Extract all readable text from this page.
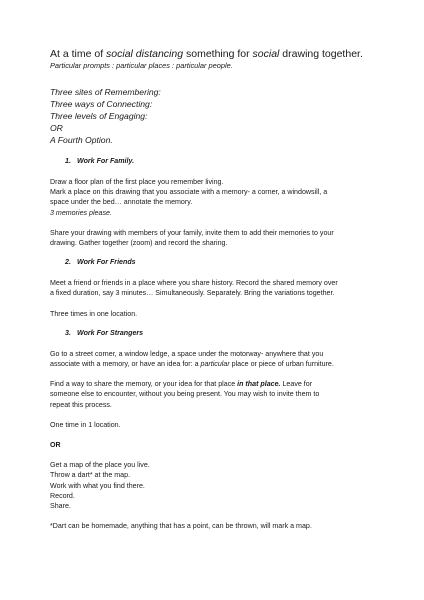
At a time of social distancing something for social drawing together.

Particular prompts : particular places : particular people.

Three sites of Remembering:

Three ways of Connecting:

Three levels of Engaging:

OR

A Fourth Option.

1. Work For Family.

Draw a floor plan of the first place you remember living.

Mark a place on this drawing that you associate with a memory- a corner, a windowsill, a

space under the bed… annotate the memory.

3 memories please.

Share your drawing with members of your family, invite them to add their memories to your

drawing. Gather together (zoom) and record the sharing.

2. Work For Friends

Meet a friend or friends in a place where you share history. Record the shared memory over

a fixed duration, say 3 minutes… Simultaneously. Separately. Bring the variations together.

Three times in one location.

3. Work For Strangers

Go to a street corner, a window ledge, a space under the motorway- anywhere that you

associate with a memory, or have an idea for: a particular place or piece of urban furniture.

Find a way to share the memory, or your idea for that place in that place. Leave for

someone else to encounter, without you being present. You may wish to invite them to

repeat this process.

One time in 1 location.

OR

Get a map of the place you live.

Throw a dart* at the map.

Work with what you find there.

Record.

Share.

*Dart can be homemade, anything that has a point, can be thrown, will mark a map.
